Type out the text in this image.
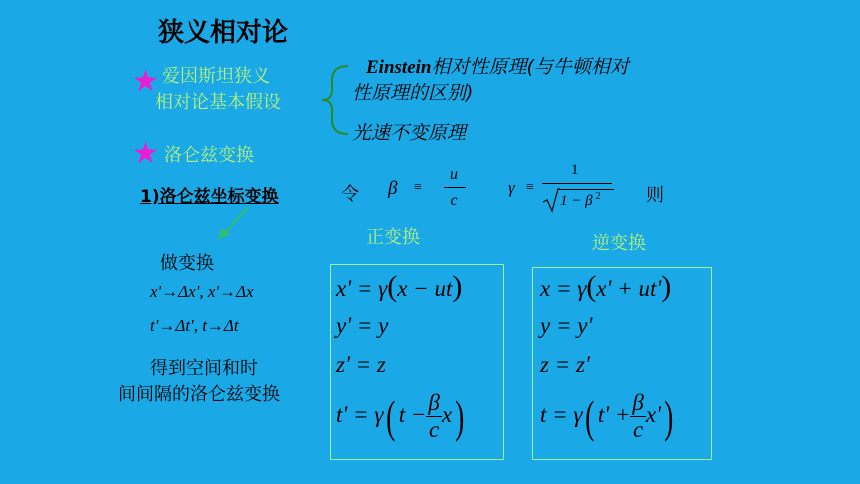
狭义相对论
★ 爱因斯坦狭义
相对论基本假设
Einstein相对性原理(与牛顿相对
性原理的区别)
光速不变原理
★ 洛仑兹变换
1)洛仑兹坐标变换	令 β ≡
u
c
γ ≡
1
1 − β $^2$	则
正变换	逆变换
做变换
x'→Δx', x'→Δx
t'→Δt', t→Δt
得到空间和时
间间隔的洛仑兹变换
x' = γ(x − ut)
y' = y
z' = z
t' = γ( $t - \frac{\beta}{c} x$)
x = γ(x' + ut')
y = y'
z = z'
t = γ( $t' + \frac{\beta}{c} x'$)
